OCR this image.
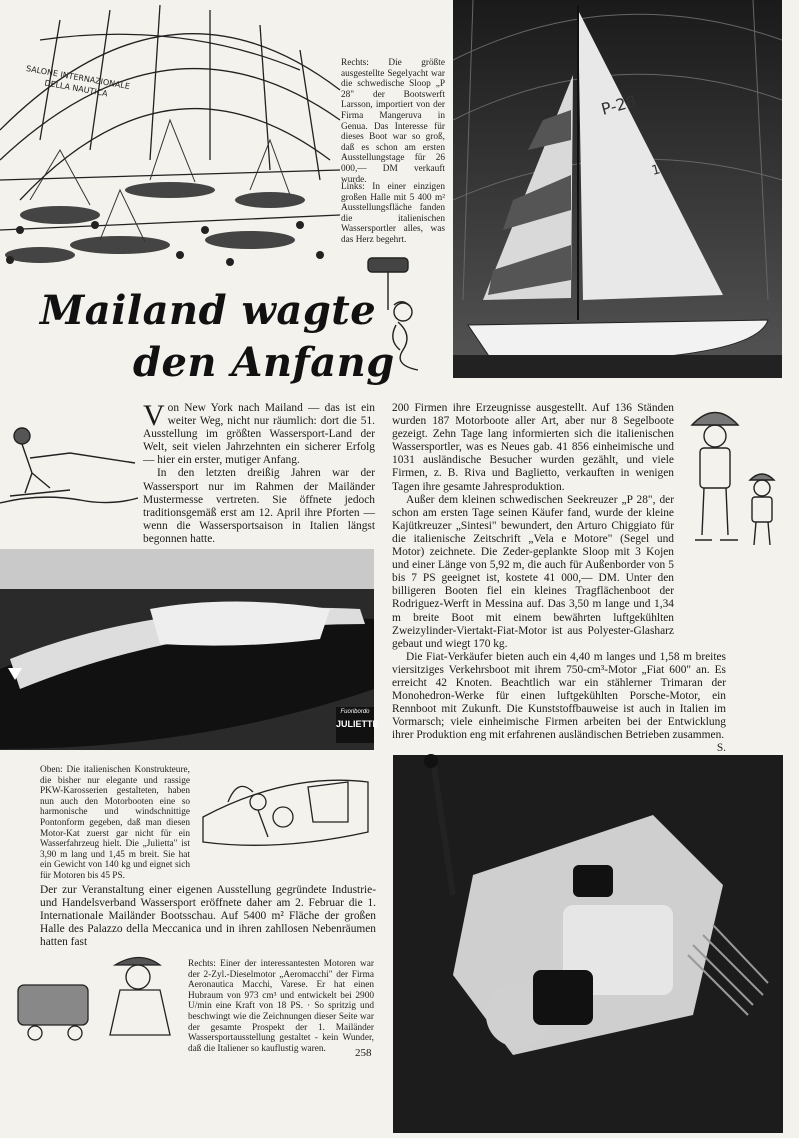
SALONE INTERNAZIONALE DELLA NAUTICA
Rechts: Die größte ausgestellte Segelyacht war die schwedische Sloop „P 28" der Bootswerft Larsson, importiert von der Firma Mangeruva in Genua. Das Interesse für dieses Boot war so groß, daß es schon am ersten Ausstellungstage für 26 000,— DM verkauft wurde.
Links: In einer einzigen großen Halle mit 5 400 m² Ausstellungsfläche fanden die italienischen Wassersportler alles, was das Herz begehrt.
P-28
101
Mailand wagte
den Anfang

Von New York nach Mailand — das ist ein weiter Weg, nicht nur räumlich: dort die 51. Ausstellung im größten Wassersport-Land der Welt, seit vielen Jahrzehnten ein sicherer Erfolg — hier ein erster, mutiger Anfang.

In den letzten dreißig Jahren war der Wassersport nur im Rahmen der Mailänder Mustermesse vertreten. Sie öffnete jedoch traditionsgemäß erst am 12. April ihre Pforten — wenn die Wassersportsaison in Italien längst begonnen hatte.

200 Firmen ihre Erzeugnisse ausgestellt. Auf 136 Ständen wurden 187 Motorboote aller Art, aber nur 8 Segelboote gezeigt. Zehn Tage lang informierten sich die italienischen Wassersportler, was es Neues gab. 41 856 einheimische und 1031 ausländische Besucher wurden gezählt, und viele Firmen, z. B. Riva und Baglietto, verkauften in wenigen Tagen ihre gesamte Jahresproduktion.

Außer dem kleinen schwedischen Seekreuzer „P 28", der schon am ersten Tage seinen Käufer fand, wurde der kleine Kajütkreuzer „Sintesi" bewundert, den Arturo Chiggiato für die italienische Zeitschrift „Vela e Motore" (Segel und Motor) zeichnete. Die Zeder-geplankte Sloop mit 3 Kojen und einer Länge von 5,92 m, die auch für Außenborder von 5 bis 7 PS geeignet ist, kostete 41 000,— DM. Unter den billigeren Booten fiel ein kleines Tragflächenboot der Rodriguez-Werft in Messina auf. Das 3,50 m lange und 1,34 m breite Boot mit einem bewährten luftgekühlten Zweizylinder-Viertakt-Fiat-Motor ist aus Polyester-Glasharz gebaut und wiegt 170 kg.

Die Fiat-Verkäufer bieten auch ein 4,40 m langes und 1,58 m breites viersitziges Verkehrsboot mit ihrem 750-cm³-Motor „Fiat 600" an. Es erreicht 42 Knoten. Beachtlich war ein stählerner Trimaran der Monohedron-Werke für einen luftgekühlten Porsche-Motor, ein Rennboot mit Zukunft. Die Kunststoffbauweise ist auch in Italien im Vormarsch; viele einheimische Firmen arbeiten bei der Entwicklung ihrer Produktion eng mit erfahrenen ausländischen Betrieben zusammen.

S.
Fuoribordo
JULIETTE
Oben: Die italienischen Konstrukteure, die bisher nur elegante und rassige PKW-Karosserien gestalteten, haben nun auch den Motorbooten eine so harmonische und windschnittige Pontonform gegeben, daß man diesen Motor-Kat zuerst gar nicht für ein Wasserfahrzeug hielt. Die „Julietta" ist 3,90 m lang und 1,45 m breit. Sie hat ein Gewicht von 140 kg und eignet sich für Motoren bis 45 PS.

Der zur Veranstaltung einer eigenen Ausstellung gegründete Industrie- und Handelsverband Wassersport eröffnete daher am 2. Februar die 1. Internationale Mailänder Bootsschau. Auf 5400 m² Fläche der großen Halle des Palazzo della Meccanica und in ihren zahllosen Nebenräumen hatten fast

Rechts: Einer der interessantesten Motoren war der 2-Zyl.-Dieselmotor „Aeromacchi" der Firma Aeronautica Macchi, Varese. Er hat einen Hubraum von 973 cm³ und entwickelt bei 2900 U/min eine Kraft von 18 PS. · So spritzig und beschwingt wie die Zeichnungen dieser Seite war der gesamte Prospekt der 1. Mailänder Wassersportausstellung gestaltet - kein Wunder, daß die Italiener so kauflustig waren.	258
